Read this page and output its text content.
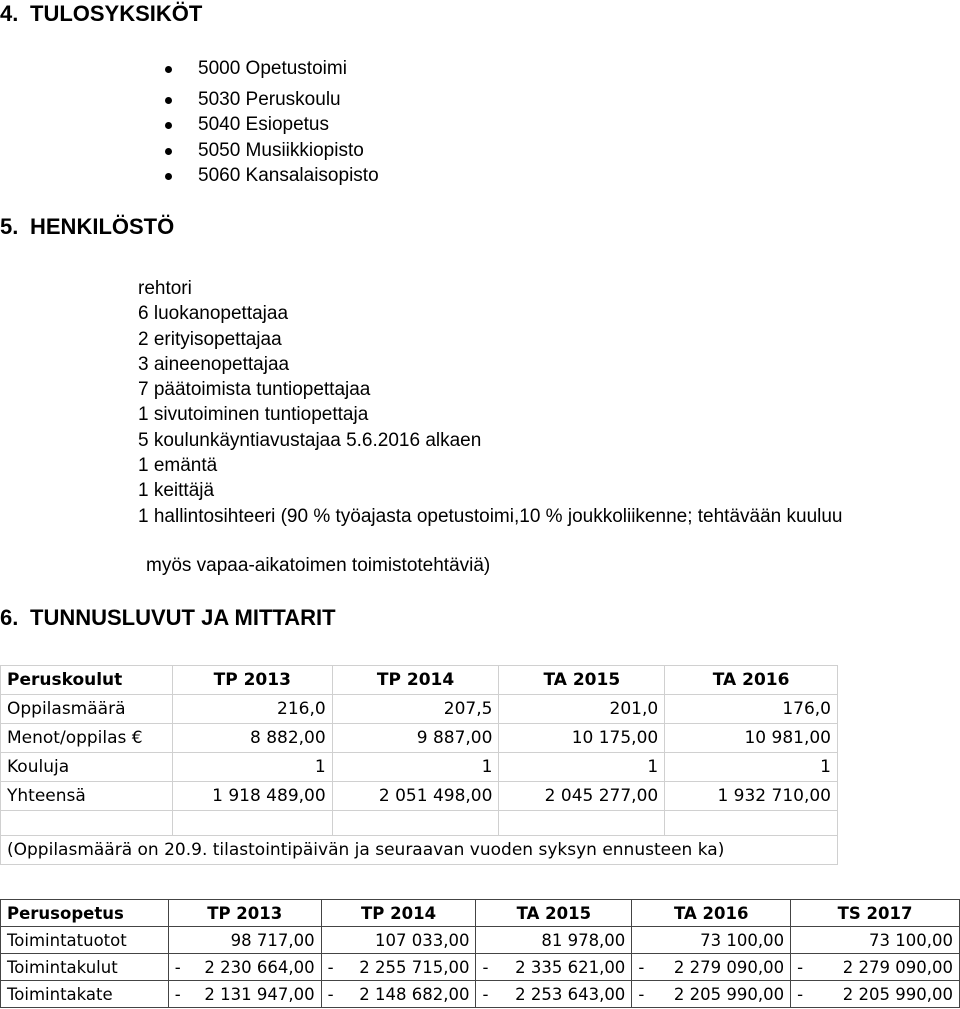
4. TULOSYKSIKÖT
5000 Opetustoimi
5030 Peruskoulu
5040 Esiopetus
5050 Musiikkiopisto
5060 Kansalaisopisto
5. HENKILÖSTÖ
rehtori
6 luokanopettajaa
2 erityisopettajaa
3 aineenopettajaa
7 päätoimista tuntiopettajaa
1 sivutoiminen tuntiopettaja
5 koulunkäyntiavustajaa 5.6.2016 alkaen
1 emäntä
1 keittäjä
1 hallintosihteeri (90 % työajasta opetustoimi,10 % joukkoliikenne; tehtävään kuuluu
myös vapaa-aikatoimen toimistotehtäviä)
6. TUNNUSLUVUT JA MITTARIT
Peruskoulut	TP 2013	TP 2014	TA 2015	TA 2016
Oppilasmäärä	216,0	207,5	201,0	176,0
Menot/oppilas €	8 882,00	9 887,00	10 175,00	10 981,00
Kouluja	1	1	1	1
Yhteensä	1 918 489,00	2 051 498,00	2 045 277,00	1 932 710,00

(Oppilasmäärä on 20.9. tilastointipäivän ja seuraavan vuoden syksyn ennusteen ka)				
Perusopetus	TP 2013		TP 2014		TA 2015		TA 2016		TS 2017	
Toimintatuotot		98 717,00		107 033,00		81 978,00		73 100,00		73 100,00
Toimintakulut	-	2 230 664,00	-	2 255 715,00	-	2 335 621,00	-	2 279 090,00	-	2 279 090,00
Toimintakate	-	2 131 947,00	-	2 148 682,00	-	2 253 643,00	-	2 205 990,00	-	2 205 990,00
